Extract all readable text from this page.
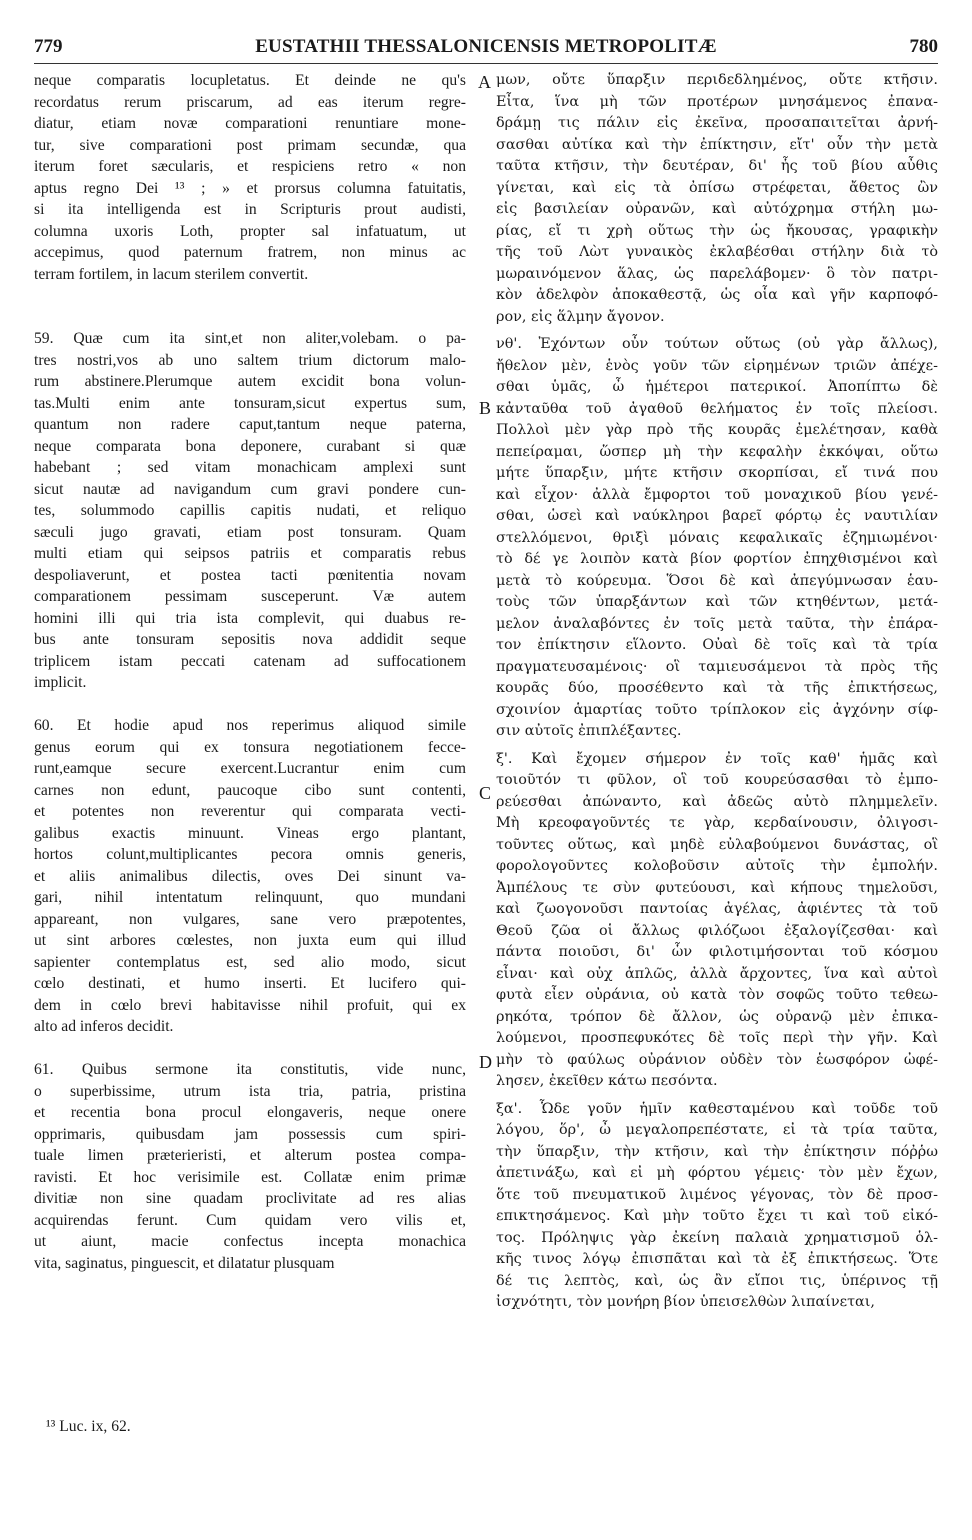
779	EUSTATHII THESSALONICENSIS METROPOLITÆ	780
neque comparatis locupletatus. Et deinde ne qu's
recordatus rerum priscarum, ad eas iterum regre-
diatur, etiam novæ comparationi renuntiare mone-
tur, sive comparationi post primam secundæ, qua
iterum foret sæcularis, et respiciens retro « non
aptus regno Dei ¹³ ; » et prorsus columna fatuitatis,
si ita intelligenda est in Scripturis prout audisti,
columna uxoris Loth, propter sal infatuatum, ut
accepimus, quod paternum fratrem, non minus ac
terram fortilem, in lacum sterilem convertit.
59. Quæ cum ita sint,et non aliter,volebam. o pa-
tres nostri,vos ab uno saltem trium dictorum malo-
rum abstinere.Plerumque autem excidit bona volun-
tas.Multi enim ante tonsuram,sicut expertus sum,
quantum non radere caput,tantum neque paterna,
neque comparata bona deponere, curabant si quæ
habebant ; sed vitam monachicam amplexi sunt
sicut nautæ ad navigandum cum gravi pondere cun-
tes, solummodo capillis capitis nudati, et reliquo
sæculi jugo gravati, etiam post tonsuram. Quam
multi etiam qui seipsos patriis et comparatis rebus
despoliaverunt, et postea tacti pœnitentia novam
comparationem pessimam susceperunt. Væ autem
homini illi qui tria ista complevit, qui duabus re-
bus ante tonsuram sepositis nova addidit seque
triplicem istam peccati catenam ad suffocationem
implicit.
60. Et hodie apud nos reperimus aliquod simile
genus eorum qui ex tonsura negotiationem fecce-
runt,eamque secure exercent.Lucrantur enim cum
carnes non edunt, paucoque cibo sunt contenti,
et potentes non reverentur qui comparata vecti-
galibus exactis minuunt. Vineas ergo plantant,
hortos colunt,multiplicantes pecora omnis generis,
et aliis animalibus dilectis, oves Dei sinunt va-
gari, nihil intentatum relinquunt, quo mundani
appareant, non vulgares, sane vero præpotentes,
ut sint arbores cœlestes, non juxta eum qui illud
sapienter contemplatus est, sed alio modo, sicut
cœlo destinati, et humo inserti. Et lucifero qui-
dem in cœlo brevi habitavisse nihil profuit, qui ex
alto ad inferos decidit.
61. Quibus sermone ita constitutis, vide nunc,
o superbissime, utrum ista tria, patria, pristina
et recentia bona procul elongaveris, neque onere
opprimaris, quibusdam jam possessis cum spiri-
tuale limen præterieristi, et alterum postea compa-
ravisti. Et hoc verisimile est. Collatæ enim primæ
divitiæ non sine quadam proclivitate ad res alias
acquirendas ferunt. Cum quidam vero vilis et,
ut aiunt, macie confectus incepta monachica
vita, saginatus, pinguescit, et dilatatur plusquam
μων, οὔτε ὕπαρξιν περιδεδλημένος, οὔτε κτῆσιν.
Εἶτα, ἵνα μὴ τῶν προτέρων μνησάμενος ἐπανα-
δράμῃ τις πάλιν εἰς ἐκεῖνα, προσαπαιτεῖται ἀρνή-
σασθαι αὐτίκα καὶ τὴν ἐπίκτησιν, εἴτ' οὖν τὴν μετὰ
ταῦτα κτῆσιν, τὴν δευτέραν, δι' ἧς τοῦ βίου αὖθις
γίνεται, καὶ εἰς τὰ ὀπίσω στρέφεται, ἄθετος ὢν
εἰς βασιλείαν οὐρανῶν, καὶ αὐτόχρημα στήλη μω-
ρίας, εἴ τι χρὴ οὕτως τὴν ὡς ἤκουσας, γραφικὴν
τῆς τοῦ Λὼτ γυναικὸς ἐκλαβέσθαι στήλην διὰ τὸ
μωραινόμενον ἅλας, ὡς παρελάβομεν· ὃ τὸν πατρι-
κὸν ἀδελφὸν ἀποκαθεστᾷ, ὡς οἷα καὶ γῆν καρποφό-
ρον, εἰς ἅλμην ἄγονον.
νθ'. Ἐχόντων οὖν τούτων οὕτως (οὐ γὰρ ἄλλως),
ἤθελον μὲν, ἑνὸς γοῦν τῶν εἰρημένων τριῶν ἀπέχε-
σθαι ὑμᾶς, ὦ ἡμέτεροι πατερικοί. Ἀποπίπτω δὲ
κἀνταῦθα τοῦ ἀγαθοῦ θελήματος ἐν τοῖς πλείοσι.
Πολλοὶ μὲν γὰρ πρὸ τῆς κουρᾶς ἐμελέτησαν, καθὰ
πεπείραμαι, ὥσπερ μὴ τὴν κεφαλὴν ἐκκόψαι, οὕτω
μήτε ὕπαρξιν, μήτε κτῆσιν σκορπίσαι, εἴ τινά που
καὶ εἶχον· ἀλλὰ ἔμφορτοι τοῦ μοναχικοῦ βίου γενέ-
σθαι, ὡσεὶ καὶ ναύκληροι βαρεῖ φόρτῳ ἐς ναυτιλίαν
στελλόμενοι, θριξὶ μόναις κεφαλικαῖς ἐζημιωμένοι·
τὸ δέ γε λοιπὸν κατὰ βίον φορτίον ἐπηχθισμένοι καὶ
μετὰ τὸ κούρευμα. Ὅσοι δὲ καὶ ἀπεγύμνωσαν ἑαυ-
τοὺς τῶν ὑπαρξάντων καὶ τῶν κτηθέντων, μετά-
μελον ἀναλαβόντες ἐν τοῖς μετὰ ταῦτα, τὴν ἐπάρα-
τον ἐπίκτησιν εἵλοντο. Οὐαὶ δὲ τοῖς καὶ τὰ τρία
πραγματευσαμένοις· οἳ ταμιευσάμενοι τὰ πρὸς τῆς
κουρᾶς δύο, προσέθεντο καὶ τὰ τῆς ἐπικτήσεως,
σχοινίον ἁμαρτίας τοῦτο τρίπλοκον εἰς ἀγχόνην σίφ-
σιν αὐτοῖς ἐπιπλέξαντες.
ξ'. Καὶ ἔχομεν σήμερον ἐν τοῖς καθ' ἡμᾶς καὶ
τοιοῦτόν τι φῦλον, οἳ τοῦ κουρεύσασθαι τὸ ἐμπο-
ρεύεσθαι ἀπώναντο, καὶ ἀδεῶς αὐτὸ πλημμελεῖν.
Μὴ κρεοφαγοῦντές τε γὰρ, κερδαίνουσιν, ὀλιγοσι-
τοῦντες οὕτως, καὶ μηδὲ εὐλαβούμενοι δυνάστας, οἳ
φορολογοῦντες κολοβοῦσιν αὐτοῖς τὴν ἐμπολήν.
Ἀμπέλους τε σὺν φυτεύουσι, καὶ κήπους τημελοῦσι,
καὶ ζωογονοῦσι παντοίας ἀγέλας, ἀφιέντες τὰ τοῦ
Θεοῦ ζῶα οἱ ἄλλως φιλόζωοι ἐξαλογίζεσθαι· καὶ
πάντα ποιοῦσι, δι' ὧν φιλοτιμήσονται τοῦ κόσμου
εἶναι· καὶ οὐχ ἁπλῶς, ἀλλὰ ἄρχοντες, ἵνα καὶ αὐτοὶ
φυτὰ εἶεν οὐράνια, οὐ κατὰ τὸν σοφῶς τοῦτο τεθεω-
ρηκότα, τρόπον δὲ ἄλλον, ὡς οὐρανῷ μὲν ἐπικα-
λούμενοι, προσπεφυκότες δὲ τοῖς περὶ τὴν γῆν. Καὶ
μὴν τὸ φαύλως οὐράνιον οὐδὲν τὸν ἑωσφόρον ὠφέ-
λησεν, ἐκεῖθεν κάτω πεσόντα.
ξα'. Ὧδε γοῦν ἡμῖν καθεσταμένου καὶ τοῦδε τοῦ
λόγου, ὅρ', ὦ μεγαλοπρεπέστατε, εἰ τὰ τρία ταῦτα,
τὴν ὕπαρξιν, τὴν κτῆσιν, καὶ τὴν ἐπίκτησιν πόῤῥω
ἀπετινάξω, καὶ εἰ μὴ φόρτου γέμεις· τὸν μὲν ἔχων,
ὅτε τοῦ πνευματικοῦ λιμένος γέγονας, τὸν δὲ προσ-
επικτησάμενος. Καὶ μὴν τοῦτο ἔχει τι καὶ τοῦ εἰκό-
τος. Πρόληψις γὰρ ἐκείνη παλαιὰ χρηματισμοῦ ὁλ-
κῆς τινος λόγῳ ἐπισπᾶται καὶ τὰ ἐξ ἐπικτήσεως. Ὅτε
δέ τις λεπτὸς, καὶ, ὡς ἂν εἴποι τις, ὑπέρινος τῇ
ἰσχνότητι, τὸν μονήρη βίον ὑπεισελθὼν λιπαίνεται,
A
B
C
D
¹³ Luc. ix, 62.
